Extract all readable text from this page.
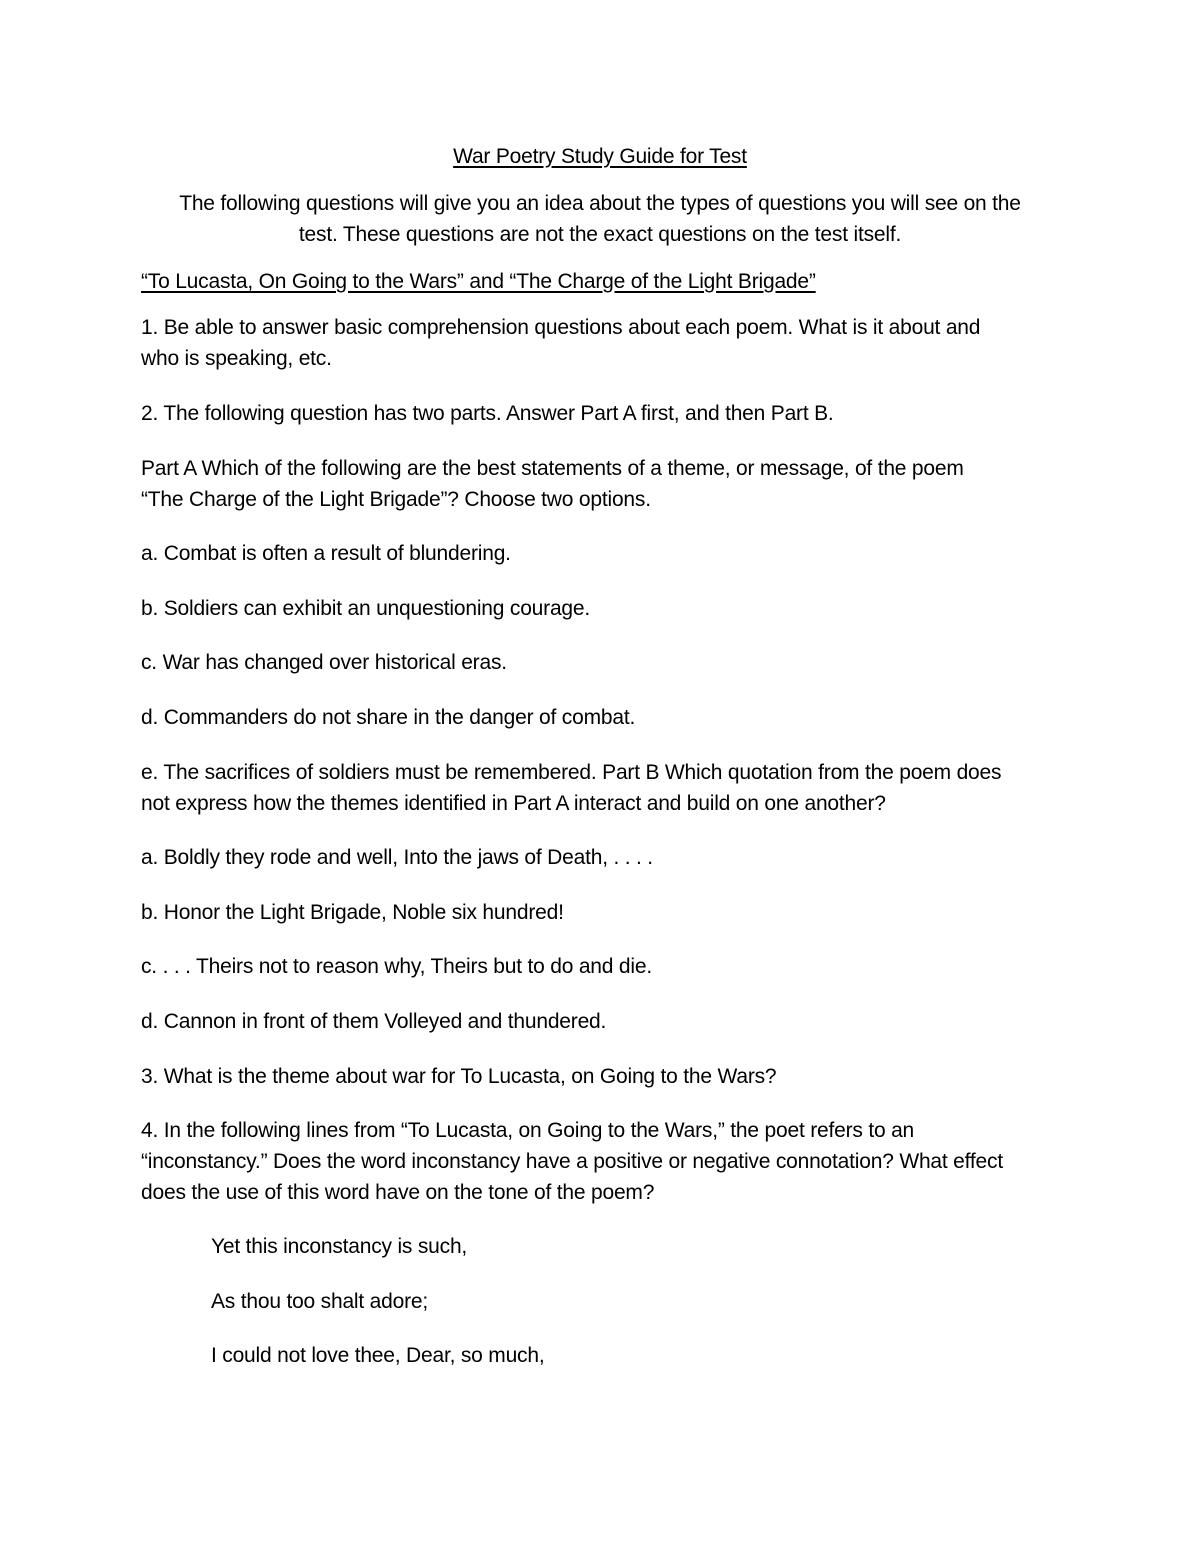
War Poetry Study Guide for Test
The following questions will give you an idea about the types of questions you will see on the
test. These questions are not the exact questions on the test itself.
“To Lucasta, On Going to the Wars” and “The Charge of the Light Brigade”
1. Be able to answer basic comprehension questions about each poem. What is it about and
who is speaking, etc.
2. The following question has two parts. Answer Part A first, and then Part B.
Part A Which of the following are the best statements of a theme, or message, of the poem
“The Charge of the Light Brigade”? Choose two options.
a. Combat is often a result of blundering.
b. Soldiers can exhibit an unquestioning courage.
c. War has changed over historical eras.
d. Commanders do not share in the danger of combat.
e. The sacrifices of soldiers must be remembered. Part B Which quotation from the poem does
not express how the themes identified in Part A interact and build on one another?
a. Boldly they rode and well, Into the jaws of Death, . . . .
b. Honor the Light Brigade, Noble six hundred!
c. . . . Theirs not to reason why, Theirs but to do and die.
d. Cannon in front of them Volleyed and thundered.
3. What is the theme about war for To Lucasta, on Going to the Wars?
4. In the following lines from “To Lucasta, on Going to the Wars,” the poet refers to an
“inconstancy.” Does the word inconstancy have a positive or negative connotation? What effect
does the use of this word have on the tone of the poem?
Yet this inconstancy is such,
As thou too shalt adore;
I could not love thee, Dear, so much,
